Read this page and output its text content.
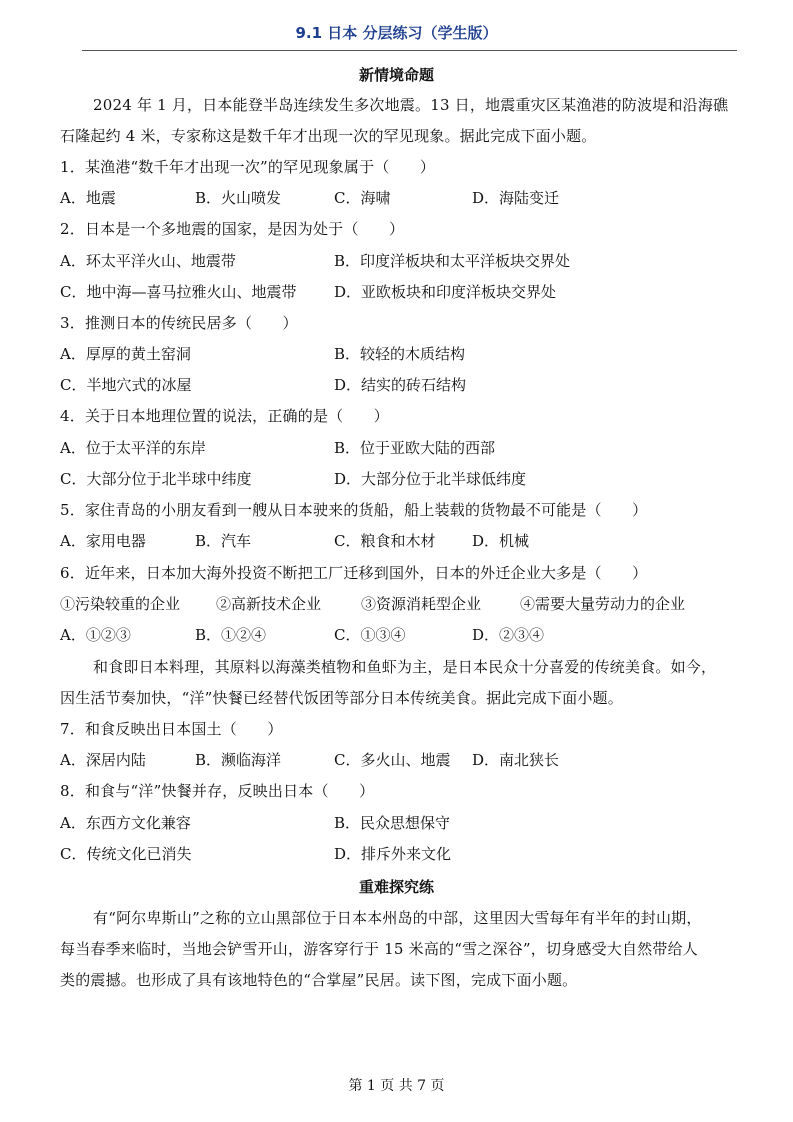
9.1 日本 分层练习（学生版）
新情境命题
2024 年 1 月，日本能登半岛连续发生多次地震。13 日，地震重灾区某渔港的防波堤和沿海礁
石隆起约 4 米，专家称这是数千年才出现一次的罕见现象。据此完成下面小题。
1．某渔港“数千年才出现一次”的罕见现象属于（　　）
A．地震	B．火山喷发	C．海啸	D．海陆变迁
2．日本是一个多地震的国家，是因为处于（　　）
A．环太平洋火山、地震带	B．印度洋板块和太平洋板块交界处
C．地中海—喜马拉雅火山、地震带	D．亚欧板块和印度洋板块交界处
3．推测日本的传统民居多（　　）
A．厚厚的黄土窑洞	B．较轻的木质结构
C．半地穴式的冰屋	D．结实的砖石结构
4．关于日本地理位置的说法，正确的是（　　）
A．位于太平洋的东岸	B．位于亚欧大陆的西部
C．大部分位于北半球中纬度	D．大部分位于北半球低纬度
5．家住青岛的小朋友看到一艘从日本驶来的货船，船上装载的货物最不可能是（　　）
A．家用电器	B．汽车	C．粮食和木材 D．机械
6．近年来，日本加大海外投资不断把工厂迁移到国外，日本的外迁企业大多是（　　）
①污染较重的企业 ②高新技术企业	③资源消耗型企业	④需要大量劳动力的企业
A．①②③	B．①②④	C．①③④	D．②③④
和食即日本料理，其原料以海藻类植物和鱼虾为主，是日本民众十分喜爱的传统美食。如今，
因生活节奏加快，“洋”快餐已经替代饭团等部分日本传统美食。据此完成下面小题。
7．和食反映出日本国土（　　）
A．深居内陆	B．濒临海洋	C．多火山、地震 D．南北狭长
8．和食与“洋”快餐并存，反映出日本（　　）
A．东西方文化兼容	B．民众思想保守
C．传统文化已消失	D．排斥外来文化
重难探究练
有“阿尔卑斯山”之称的立山黑部位于日本本州岛的中部，这里因大雪每年有半年的封山期，
每当春季来临时，当地会铲雪开山，游客穿行于 15 米高的“雪之深谷”，切身感受大自然带给人
类的震撼。也形成了具有该地特色的“合掌屋”民居。读下图，完成下面小题。
第 1 页 共 7 页
